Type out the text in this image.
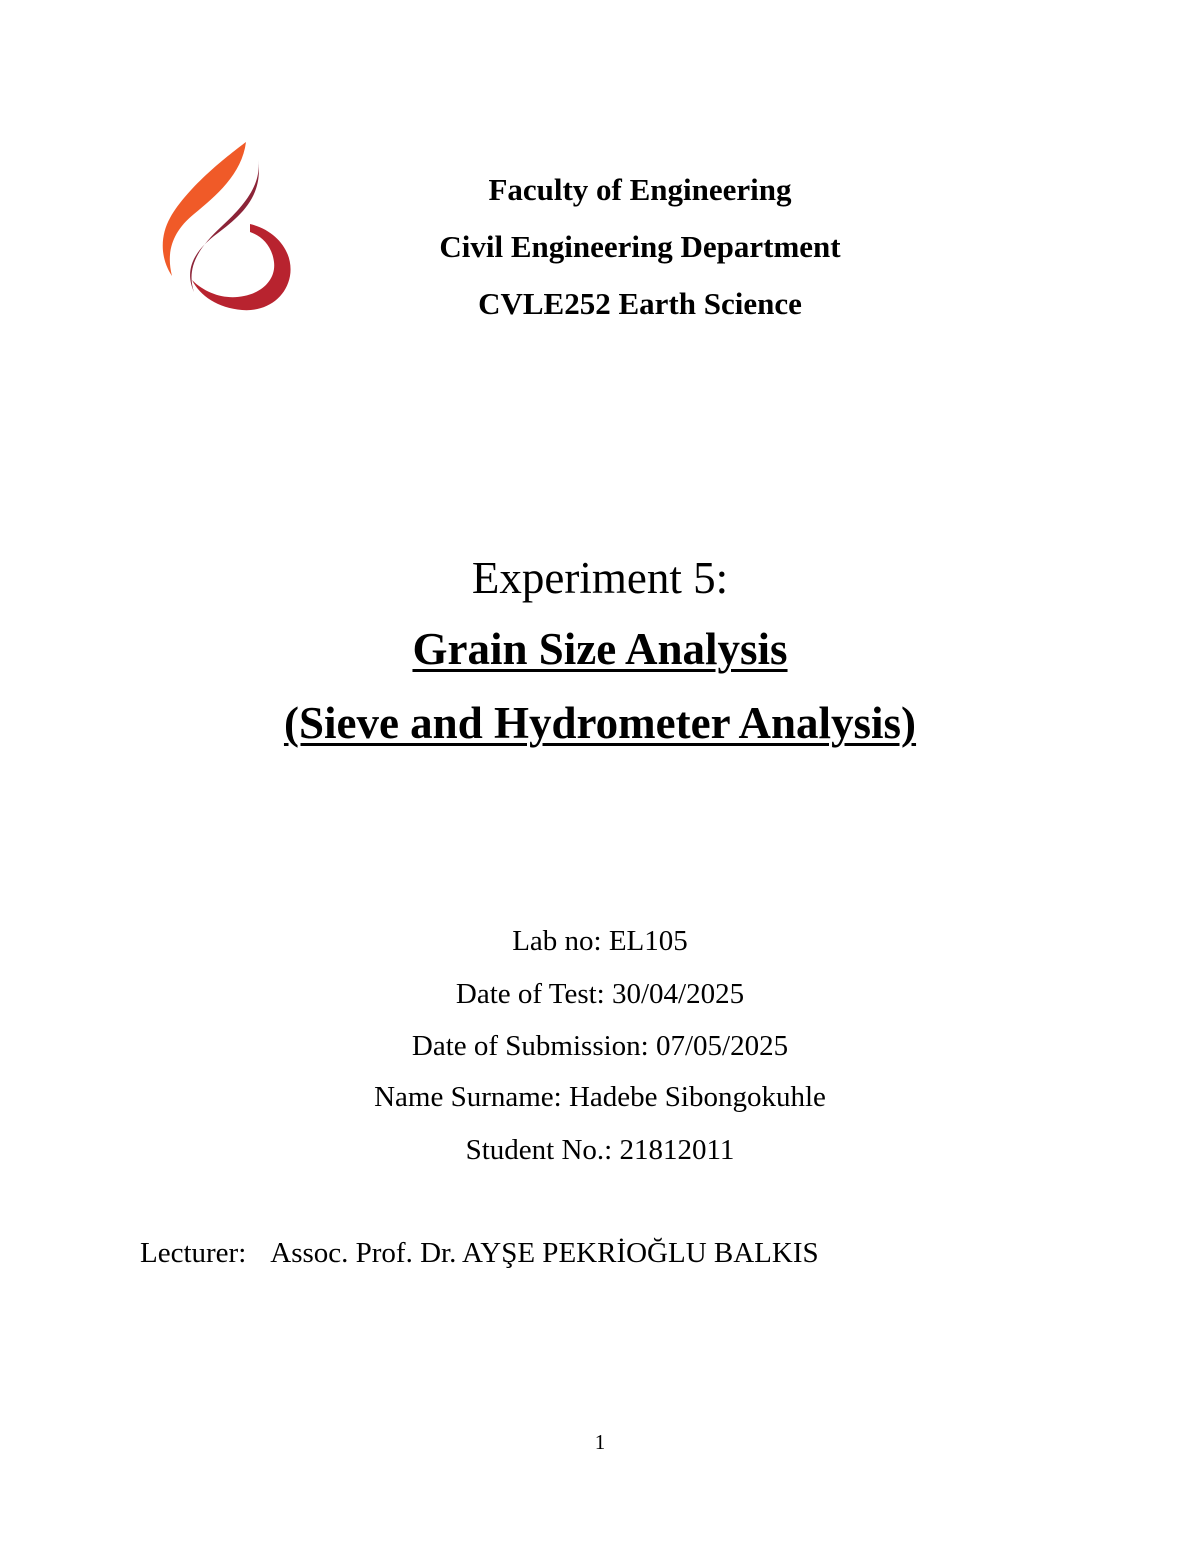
Faculty of Engineering
Civil Engineering Department
CVLE252 Earth Science
Experiment 5:
Grain Size Analysis
(Sieve and Hydrometer Analysis)
Lab no: EL105
Date of Test: 30/04/2025
Date of Submission: 07/05/2025
Name Surname: Hadebe Sibongokuhle
Student No.: 21812011
Lecturer: Assoc. Prof. Dr. AYŞE PEKRİOĞLU BALKIS
1
